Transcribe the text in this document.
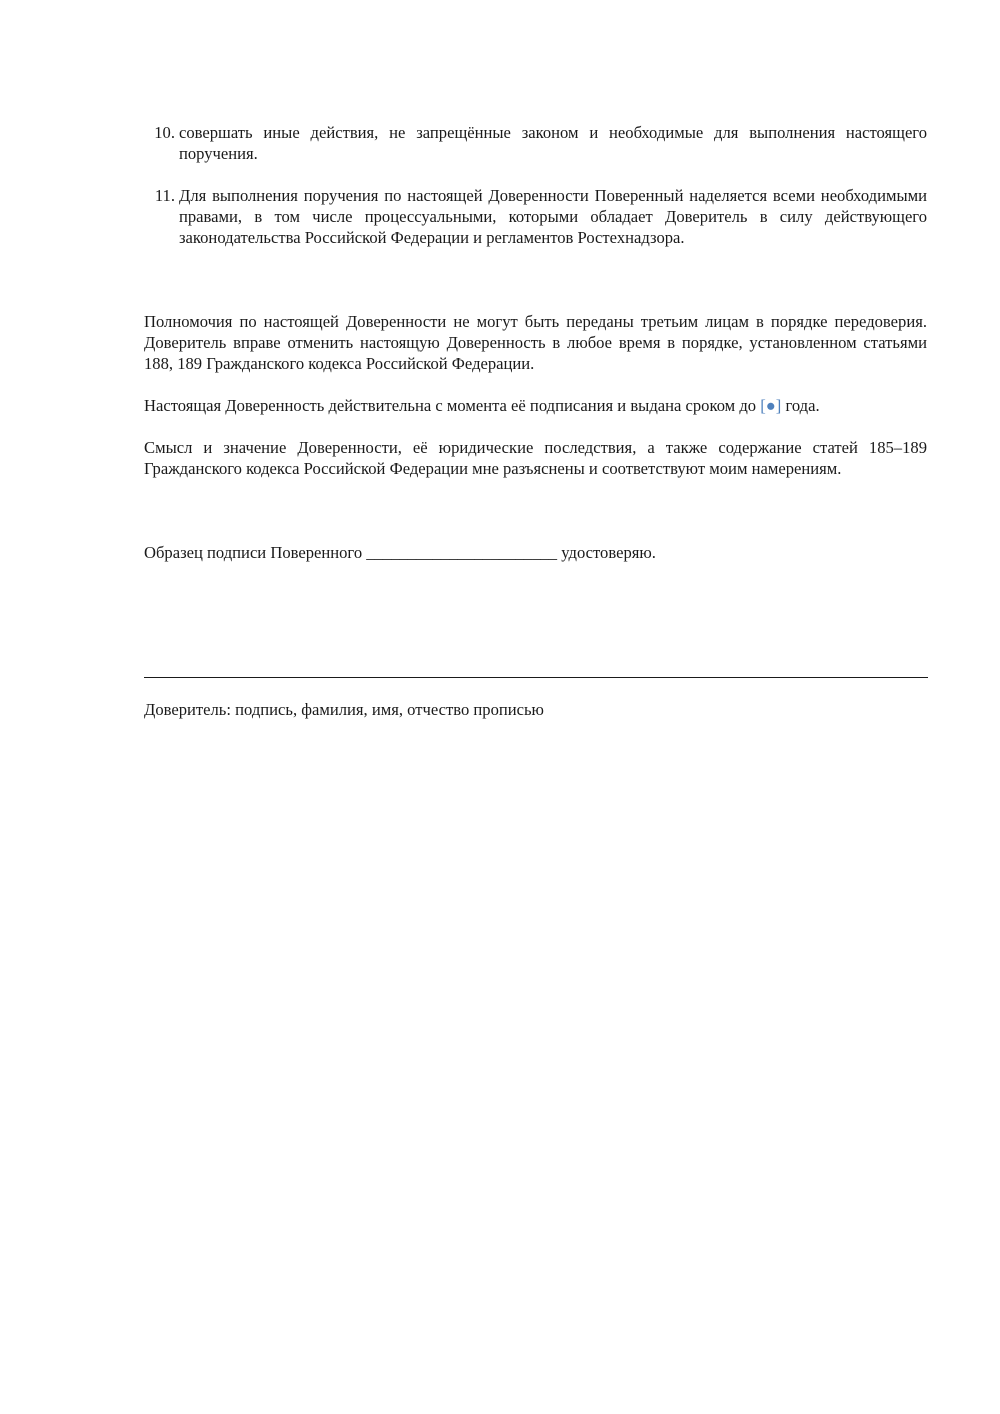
10. совершать иные действия, не запрещённые законом и необходимые для выполнения настоящего поручения.
11. Для выполнения поручения по настоящей Доверенности Поверенный наделяется всеми необходимыми правами, в том числе процессуальными, которыми обладает Доверитель в силу действующего законодательства Российской Федерации и регламентов Ростехнадзора.

Полномочия по настоящей Доверенности не могут быть переданы третьим лицам в порядке передоверия. Доверитель вправе отменить настоящую Доверенность в любое время в порядке, установленном статьями 188, 189 Гражданского кодекса Российской Федерации.

Настоящая Доверенность действительна с момента её подписания и выдана сроком до [●] года.

Смысл и значение Доверенности, её юридические последствия, а также содержание статей 185–189 Гражданского кодекса Российской Федерации мне разъяснены и соответствуют моим намерениям.

Образец подписи Поверенного _______________________ удостоверяю.

Доверитель: подпись, фамилия, имя, отчество прописью
